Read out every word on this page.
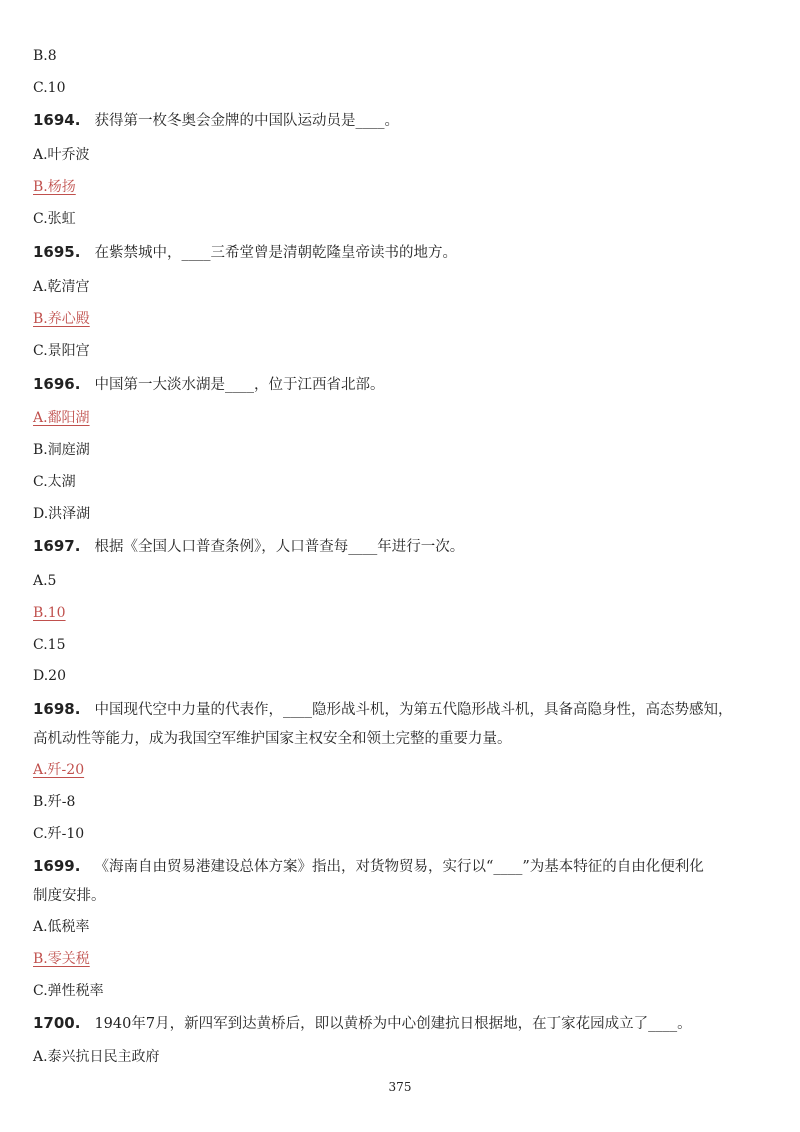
B.8
C.10
1694. 获得第一枚冬奥会金牌的中国队运动员是____。
A.叶乔波
B.杨扬
C.张虹
1695. 在紫禁城中，____三希堂曾是清朝乾隆皇帝读书的地方。
A.乾清宫
B.养心殿
C.景阳宫
1696. 中国第一大淡水湖是____，位于江西省北部。
A.鄱阳湖
B.洞庭湖
C.太湖
D.洪泽湖
1697. 根据《全国人口普查条例》，人口普查每____年进行一次。
A.5
B.10
C.15
D.20
1698. 中国现代空中力量的代表作，____隐形战斗机，为第五代隐形战斗机，具备高隐身性，高态势感知，
高机动性等能力，成为我国空军维护国家主权安全和领土完整的重要力量。
A.歼-20
B.歼-8
C.歼-10
1699. 《海南自由贸易港建设总体方案》指出，对货物贸易，实行以“____”为基本特征的自由化便利化
制度安排。
A.低税率
B.零关税
C.弹性税率
1700. 1940年7月，新四军到达黄桥后，即以黄桥为中心创建抗日根据地，在丁家花园成立了____。
A.泰兴抗日民主政府
375
